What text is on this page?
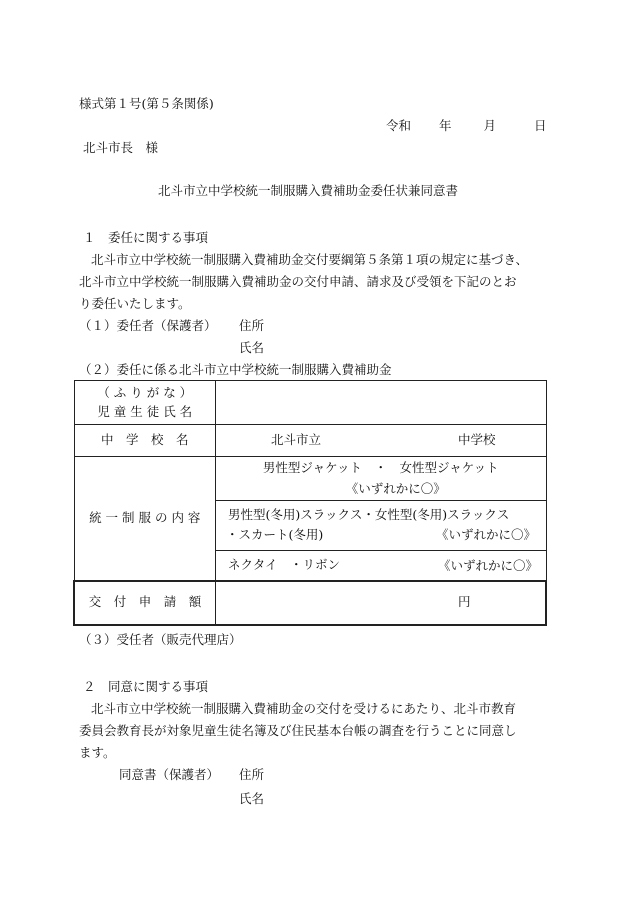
様式第１号(第５条関係)
令和 年	月	日
北斗市長　様
北斗市立中学校統一制服購入費補助金委任状兼同意書
１　委任に関する事項
北斗市立中学校統一制服購入費補助金交付要綱第５条第１項の規定に基づき、
北斗市立中学校統一制服購入費補助金の交付申請、請求及び受領を下記のとお
り委任いたします。
（１）委任者（保護者） 住所
氏名
（２）委任に係る北斗市立中学校統一制服購入費補助金
（ ふ り が な ）
児 童 生 徒 氏 名	

中　学　校　名	北斗市立 中学校
統 一 制 服 の 内 容	男性型ジャケット　・　女性型ジャケット
《いずれかに〇》

	男性型(冬用)スラックス・女性型(冬用)スラックス
・スカート(冬用) 《いずれかに〇》

	ネクタイ　・リボン 《いずれかに〇》

交　付　申　請　額	円
（３）受任者（販売代理店）
２　同意に関する事項
北斗市立中学校統一制服購入費補助金の交付を受けるにあたり、北斗市教育
委員会教育長が対象児童生徒名簿及び住民基本台帳の調査を行うことに同意し
ます。
同意書（保護者） 住所
氏名
